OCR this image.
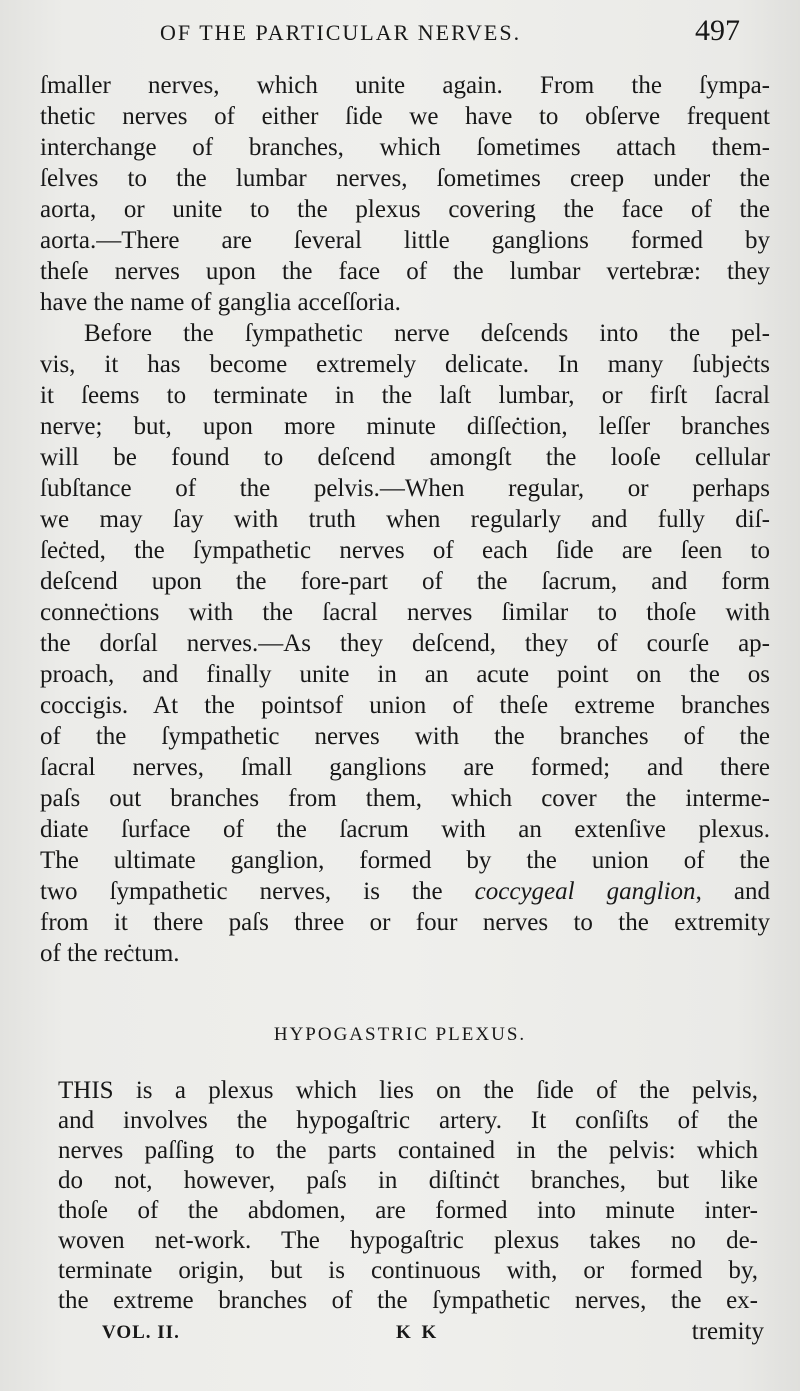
OF THE PARTICULAR NERVES.	497
ſmaller nerves, which unite again. From the ſympa-
thetic nerves of either ſide we have to obſerve frequent
interchange of branches, which ſometimes attach them-
ſelves to the lumbar nerves, ſometimes creep under the
aorta, or unite to the plexus covering the face of the
aorta.—There are ſeveral little ganglions formed by
theſe nerves upon the face of the lumbar vertebræ: they
have the name of ganglia acceſſoria.
Before the ſympathetic nerve deſcends into the pel-
vis, it has become extremely delicate. In many ſubjeċts
it ſeems to terminate in the laſt lumbar, or firſt ſacral
nerve; but, upon more minute diſſeċtion, leſſer branches
will be found to deſcend amongſt the looſe cellular
ſubſtance of the pelvis.—When regular, or perhaps
we may ſay with truth when regularly and fully diſ-
ſeċted, the ſympathetic nerves of each ſide are ſeen to
deſcend upon the fore-part of the ſacrum, and form
conneċtions with the ſacral nerves ſimilar to thoſe with
the dorſal nerves.—As they deſcend, they of courſe ap-
proach, and finally unite in an acute point on the os
coccigis. At the pointsof union of theſe extreme branches
of the ſympathetic nerves with the branches of the
ſacral nerves, ſmall ganglions are formed; and there
paſs out branches from them, which cover the interme-
diate ſurface of the ſacrum with an extenſive plexus.
The ultimate ganglion, formed by the union of the
two ſympathetic nerves, is the coccygeal ganglion, and
from it there paſs three or four nerves to the extremity
of the reċtum.
HYPOGASTRIC PLEXUS.
THIS is a plexus which lies on the ſide of the pelvis,
and involves the hypogaſtric artery. It conſiſts of the
nerves paſſing to the parts contained in the pelvis: which
do not, however, paſs in diſtinċt branches, but like
thoſe of the abdomen, are formed into minute inter-
woven net-work. The hypogaſtric plexus takes no de-
terminate origin, but is continuous with, or formed by,
the extreme branches of the ſympathetic nerves, the ex-
VOL. II.	K K	tremity
